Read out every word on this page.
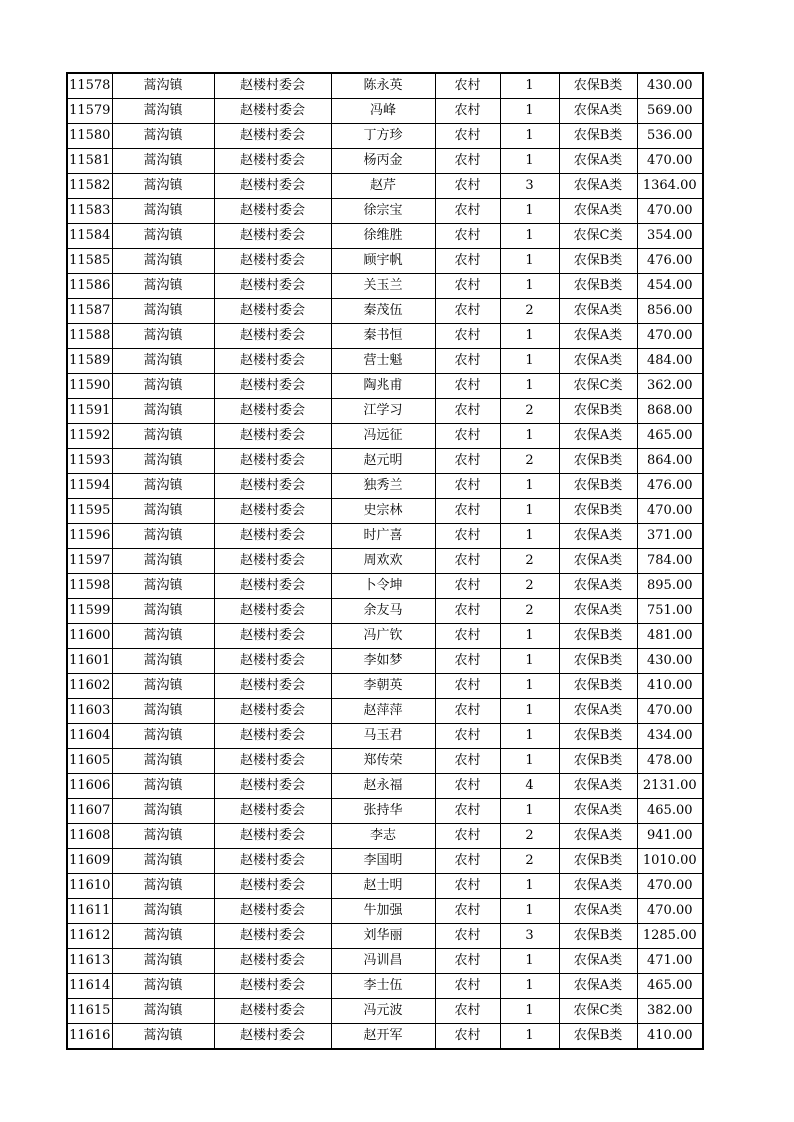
11578	蒿沟镇	赵楼村委会	陈永英	农村	1	农保B类	430.00
11579	蒿沟镇	赵楼村委会	冯峰	农村	1	农保A类	569.00
11580	蒿沟镇	赵楼村委会	丁方珍	农村	1	农保B类	536.00
11581	蒿沟镇	赵楼村委会	杨丙金	农村	1	农保A类	470.00
11582	蒿沟镇	赵楼村委会	赵芹	农村	3	农保A类	1364.00
11583	蒿沟镇	赵楼村委会	徐宗宝	农村	1	农保A类	470.00
11584	蒿沟镇	赵楼村委会	徐维胜	农村	1	农保C类	354.00
11585	蒿沟镇	赵楼村委会	顾宇帆	农村	1	农保B类	476.00
11586	蒿沟镇	赵楼村委会	关玉兰	农村	1	农保B类	454.00
11587	蒿沟镇	赵楼村委会	秦茂伍	农村	2	农保A类	856.00
11588	蒿沟镇	赵楼村委会	秦书恒	农村	1	农保A类	470.00
11589	蒿沟镇	赵楼村委会	营士魁	农村	1	农保A类	484.00
11590	蒿沟镇	赵楼村委会	陶兆甫	农村	1	农保C类	362.00
11591	蒿沟镇	赵楼村委会	江学习	农村	2	农保B类	868.00
11592	蒿沟镇	赵楼村委会	冯远征	农村	1	农保A类	465.00
11593	蒿沟镇	赵楼村委会	赵元明	农村	2	农保B类	864.00
11594	蒿沟镇	赵楼村委会	独秀兰	农村	1	农保B类	476.00
11595	蒿沟镇	赵楼村委会	史宗林	农村	1	农保B类	470.00
11596	蒿沟镇	赵楼村委会	时广喜	农村	1	农保A类	371.00
11597	蒿沟镇	赵楼村委会	周欢欢	农村	2	农保A类	784.00
11598	蒿沟镇	赵楼村委会	卜令坤	农村	2	农保A类	895.00
11599	蒿沟镇	赵楼村委会	余友马	农村	2	农保A类	751.00
11600	蒿沟镇	赵楼村委会	冯广钦	农村	1	农保B类	481.00
11601	蒿沟镇	赵楼村委会	李如梦	农村	1	农保B类	430.00
11602	蒿沟镇	赵楼村委会	李朝英	农村	1	农保B类	410.00
11603	蒿沟镇	赵楼村委会	赵萍萍	农村	1	农保A类	470.00
11604	蒿沟镇	赵楼村委会	马玉君	农村	1	农保B类	434.00
11605	蒿沟镇	赵楼村委会	郑传荣	农村	1	农保B类	478.00
11606	蒿沟镇	赵楼村委会	赵永福	农村	4	农保A类	2131.00
11607	蒿沟镇	赵楼村委会	张持华	农村	1	农保A类	465.00
11608	蒿沟镇	赵楼村委会	李志	农村	2	农保A类	941.00
11609	蒿沟镇	赵楼村委会	李国明	农村	2	农保B类	1010.00
11610	蒿沟镇	赵楼村委会	赵士明	农村	1	农保A类	470.00
11611	蒿沟镇	赵楼村委会	牛加强	农村	1	农保A类	470.00
11612	蒿沟镇	赵楼村委会	刘华丽	农村	3	农保B类	1285.00
11613	蒿沟镇	赵楼村委会	冯训昌	农村	1	农保A类	471.00
11614	蒿沟镇	赵楼村委会	李士伍	农村	1	农保A类	465.00
11615	蒿沟镇	赵楼村委会	冯元波	农村	1	农保C类	382.00
11616	蒿沟镇	赵楼村委会	赵开军	农村	1	农保B类	410.00
